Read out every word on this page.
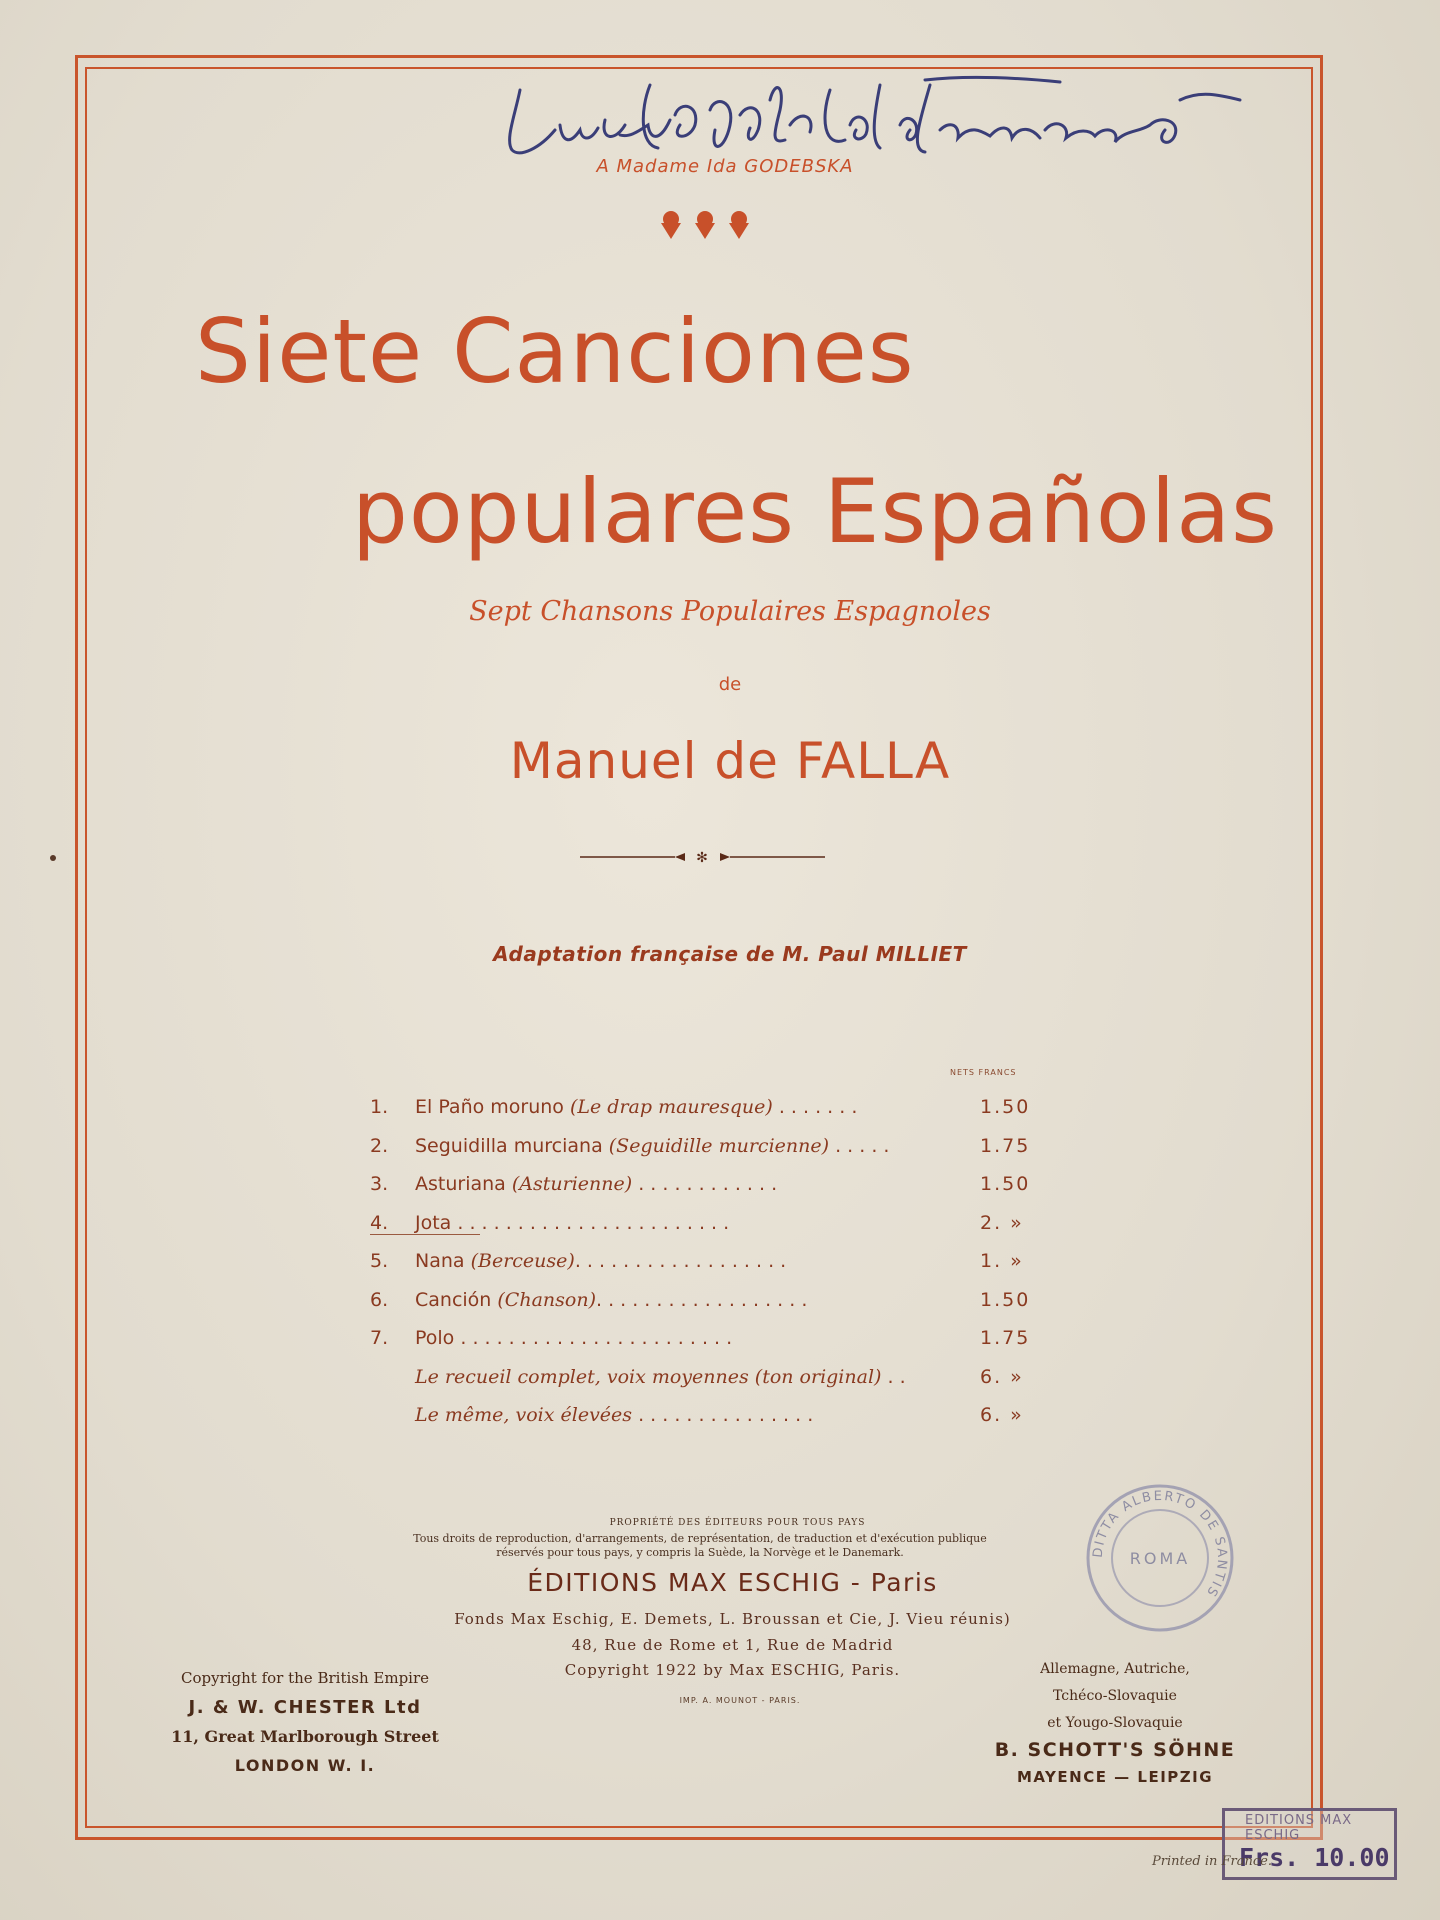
A Madame Ida GODEBSKA
Siete Canciones
populares Españolas
Sept Chansons Populaires Espagnoles
de
Manuel de FALLA
✻
Adaptation française de M. Paul MILLIET
NETS FRANCS
1.	El Paño moruno (Le drap mauresque) . . . . . . .	1.50
2.	Seguidilla murciana (Seguidille murcienne) . . . . .	1.75
3.	Asturiana (Asturienne) . . . . . . . . . . . .	1.50
4.	Jota . . . . . . . . . . . . . . . . . . . . . . .	2. »
5.	Nana (Berceuse). . . . . . . . . . . . . . . . . .	1. »
6.	Canción (Chanson). . . . . . . . . . . . . . . . . .	1.50
7.	Polo . . . . . . . . . . . . . . . . . . . . . . .	1.75
Le recueil complet, voix moyennes (ton original) . .	6. »
Le même, voix élevées . . . . . . . . . . . . . . .	6. »
PROPRIÉTÉ DES ÉDITEURS POUR TOUS PAYS
Tous droits de reproduction, d'arrangements, de représentation, de traduction et d'exécution publique
réservés pour tous pays, y compris la Suède, la Norvège et le Danemark.
ÉDITIONS MAX ESCHIG - Paris
Fonds Max Eschig, E. Demets, L. Broussan et Cie, J. Vieu réunis)
48, Rue de Rome et 1, Rue de Madrid
Copyright 1922 by Max ESCHIG, Paris.
IMP. A. MOUNOT - PARIS.
Copyright for the British Empire
J. & W. CHESTER Ltd
11, Great Marlborough Street
LONDON W. I.
Allemagne, Autriche,
Tchéco-Slovaquie
et Yougo-Slovaquie
B. SCHOTT'S SÖHNE
MAYENCE — LEIPZIG
DITTA ALBERTO DE SANTIS
ROMA
EDITIONS MAX ESCHIG
Frs. 10.00
Printed in France.
